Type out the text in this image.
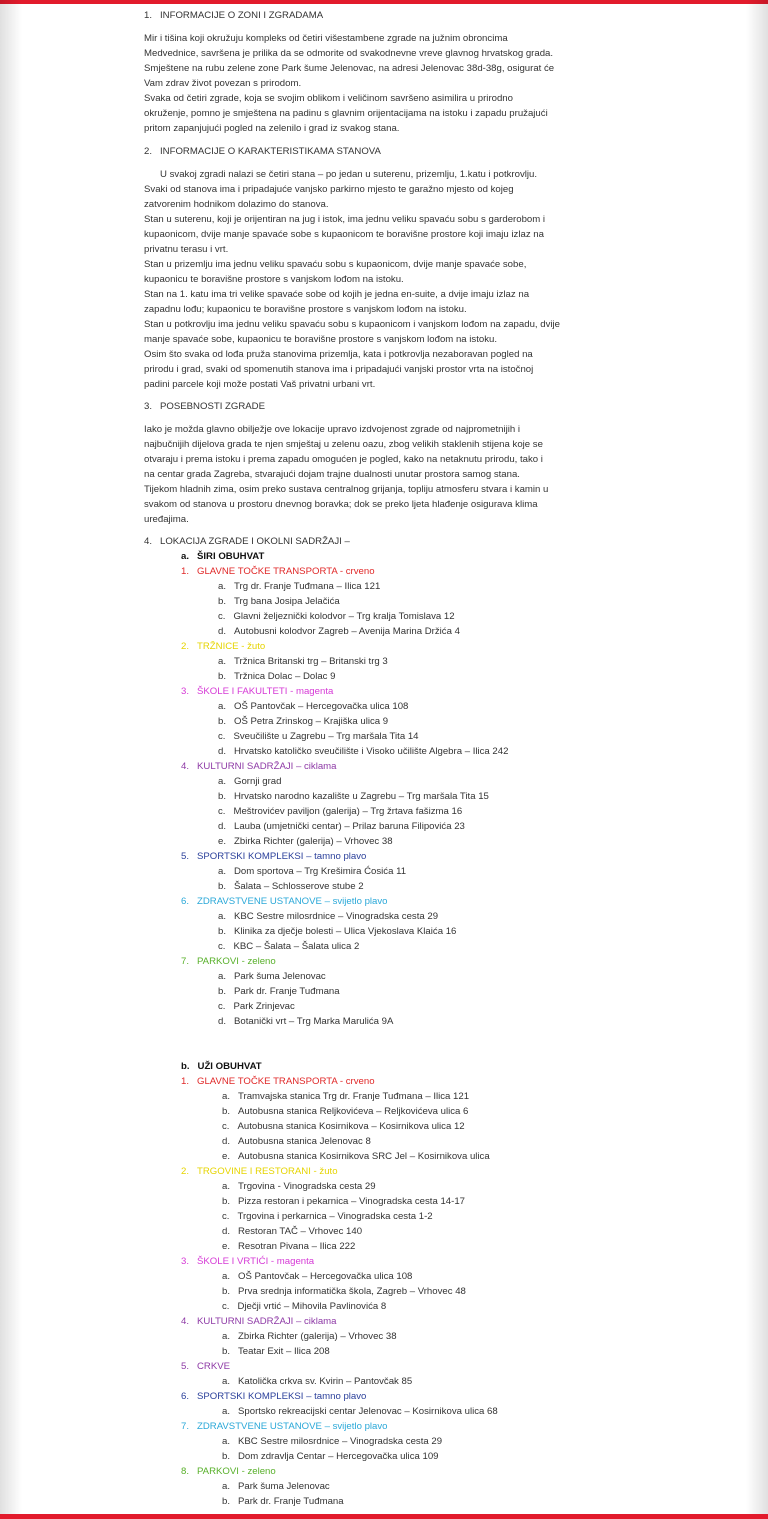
1.   INFORMACIJE O ZONI I ZGRADAMA
Mir i tišina koji okružuju kompleks od četiri višestambene zgrade na južnim obroncima
Medvednice, savršena je prilika da se odmorite od svakodnevne vreve glavnog hrvatskog grada.
Smještene na rubu zelene zone Park šume Jelenovac, na adresi Jelenovac 38d-38g, osigurat će
Vam zdrav život povezan s prirodom.
Svaka od četiri zgrade, koja se svojim oblikom i veličinom savršeno asimilira u prirodno
okruženje, pomno je smještena na padinu s glavnim orijentacijama na istoku i zapadu pružajući
pritom zapanjujući pogled na zelenilo i grad iz svakog stana.
2.   INFORMACIJE O KARAKTERISTIKAMA STANOVA
U svakoj zgradi nalazi se četiri stana – po jedan u suterenu, prizemlju, 1.katu i potkrovlju.
Svaki od stanova ima i pripadajuće vanjsko parkirno mjesto te garažno mjesto od kojeg
zatvorenim hodnikom dolazimo do stanova.
Stan u suterenu, koji je orijentiran na jug i istok, ima jednu veliku spavaću sobu s garderobom i
kupaonicom, dvije manje spavaće sobe s kupaonicom te boravišne prostore koji imaju izlaz na
privatnu terasu i vrt.
Stan u prizemlju ima jednu veliku spavaću sobu s kupaonicom, dvije manje spavaće sobe,
kupaonicu te boravišne prostore s vanjskom lođom na istoku.
Stan na 1. katu ima tri velike spavaće sobe od kojih je jedna en-suite, a dvije imaju izlaz na
zapadnu lođu; kupaonicu te boravišne prostore s vanjskom lođom na istoku.
Stan u potkrovlju ima jednu veliku spavaću sobu s kupaonicom i vanjskom lođom na zapadu, dvije
manje spavaće sobe, kupaonicu te boravišne prostore s vanjskom lođom na istoku.
Osim što svaka od lođa pruža stanovima prizemlja, kata i potkrovlja nezaboravan pogled na
prirodu i grad, svaki od spomenutih stanova ima i pripadajući vanjski prostor vrta na istočnoj
padini parcele koji može postati Vaš privatni urbani vrt.
3.   POSEBNOSTI ZGRADE
Iako je možda glavno obilježje ove lokacije upravo izdvojenost zgrade od najprometnijih i
najbučnijih dijelova grada te njen smještaj u zelenu oazu, zbog velikih staklenih stijena koje se
otvaraju i prema istoku i prema zapadu omogućen je pogled, kako na netaknutu prirodu, tako i
na centar grada Zagreba, stvarajući dojam trajne dualnosti unutar prostora samog stana.
Tijekom hladnih zima, osim preko sustava centralnog grijanja, topliju atmosferu stvara i kamin u
svakom od stanova u prostoru dnevnog boravka; dok se preko ljeta hlađenje osigurava klima
uređajima.
4.   LOKACIJA ZGRADE I OKOLNI SADRŽAJI –
a.   ŠIRI OBUHVAT
1.   GLAVNE TOČKE TRANSPORTA - crveno
a.   Trg dr. Franje Tuđmana – Ilica 121
b.   Trg bana Josipa Jelačića
c.   Glavni željeznički kolodvor – Trg kralja Tomislava 12
d.   Autobusni kolodvor Zagreb – Avenija Marina Držića 4
2.   TRŽNICE - žuto
a.   Tržnica Britanski trg – Britanski trg 3
b.   Tržnica Dolac – Dolac 9
3.   ŠKOLE I FAKULTETI - magenta
a.   OŠ Pantovčak – Hercegovačka ulica 108
b.   OŠ Petra Zrinskog – Krajiška ulica 9
c.   Sveučilište u Zagrebu – Trg maršala Tita 14
d.   Hrvatsko katoličko sveučilište i Visoko učilište Algebra – Ilica 242
4.   KULTURNI SADRŽAJI – ciklama
a.   Gornji grad
b.   Hrvatsko narodno kazalište u Zagrebu – Trg maršala Tita 15
c.   Meštrovićev paviljon (galerija) – Trg žrtava fašizma 16
d.   Lauba (umjetnički centar) – Prilaz baruna Filipovića 23
e.   Zbirka Richter (galerija) – Vrhovec 38
5.   SPORTSKI KOMPLEKSI – tamno plavo
a.   Dom sportova – Trg Krešimira Ćosića 11
b.   Šalata – Schlosserove stube 2
6.   ZDRAVSTVENE USTANOVE – svijetlo plavo
a.   KBC Sestre milosrdnice – Vinogradska cesta 29
b.   Klinika za dječje bolesti – Ulica Vjekoslava Klaića 16
c.   KBC – Šalata – Šalata ulica 2
7.   PARKOVI - zeleno
a.   Park šuma Jelenovac
b.   Park dr. Franje Tuđmana
c.   Park Zrinjevac
d.   Botanički vrt – Trg Marka Marulića 9A
b.   UŽI OBUHVAT
1.   GLAVNE TOČKE TRANSPORTA - crveno
a.   Tramvajska stanica Trg dr. Franje Tuđmana – Ilica 121
b.   Autobusna stanica Reljkovićeva – Reljkovićeva ulica 6
c.   Autobusna stanica Kosirnikova – Kosirnikova ulica 12
d.   Autobusna stanica Jelenovac 8
e.   Autobusna stanica Kosirnikova SRC Jel – Kosirnikova ulica
2.   TRGOVINE I RESTORANI - žuto
a.   Trgovina - Vinogradska cesta 29
b.   Pizza restoran i pekarnica – Vinogradska cesta 14-17
c.   Trgovina i perkarnica – Vinogradska cesta 1-2
d.   Restoran TAČ – Vrhovec 140
e.   Resotran Pivana – Ilica 222
3.   ŠKOLE I VRTIĆI - magenta
a.   OŠ Pantovčak – Hercegovačka ulica 108
b.   Prva srednja informatička škola, Zagreb – Vrhovec 48
c.   Dječji vrtić – Mihovila Pavlinovića 8
4.   KULTURNI SADRŽAJI – ciklama
a.   Zbirka Richter (galerija) – Vrhovec 38
b.   Teatar Exit – Ilica 208
5.   CRKVE
a.   Katolička crkva sv. Kvirin – Pantovčak 85
6.   SPORTSKI KOMPLEKSI – tamno plavo
a.   Sportsko rekreacijski centar Jelenovac – Kosirnikova ulica 68
7.   ZDRAVSTVENE USTANOVE – svijetlo plavo
a.   KBC Sestre milosrdnice – Vinogradska cesta 29
b.   Dom zdravlja Centar – Hercegovačka ulica 109
8.   PARKOVI - zeleno
a.   Park šuma Jelenovac
b.   Park dr. Franje Tuđmana
